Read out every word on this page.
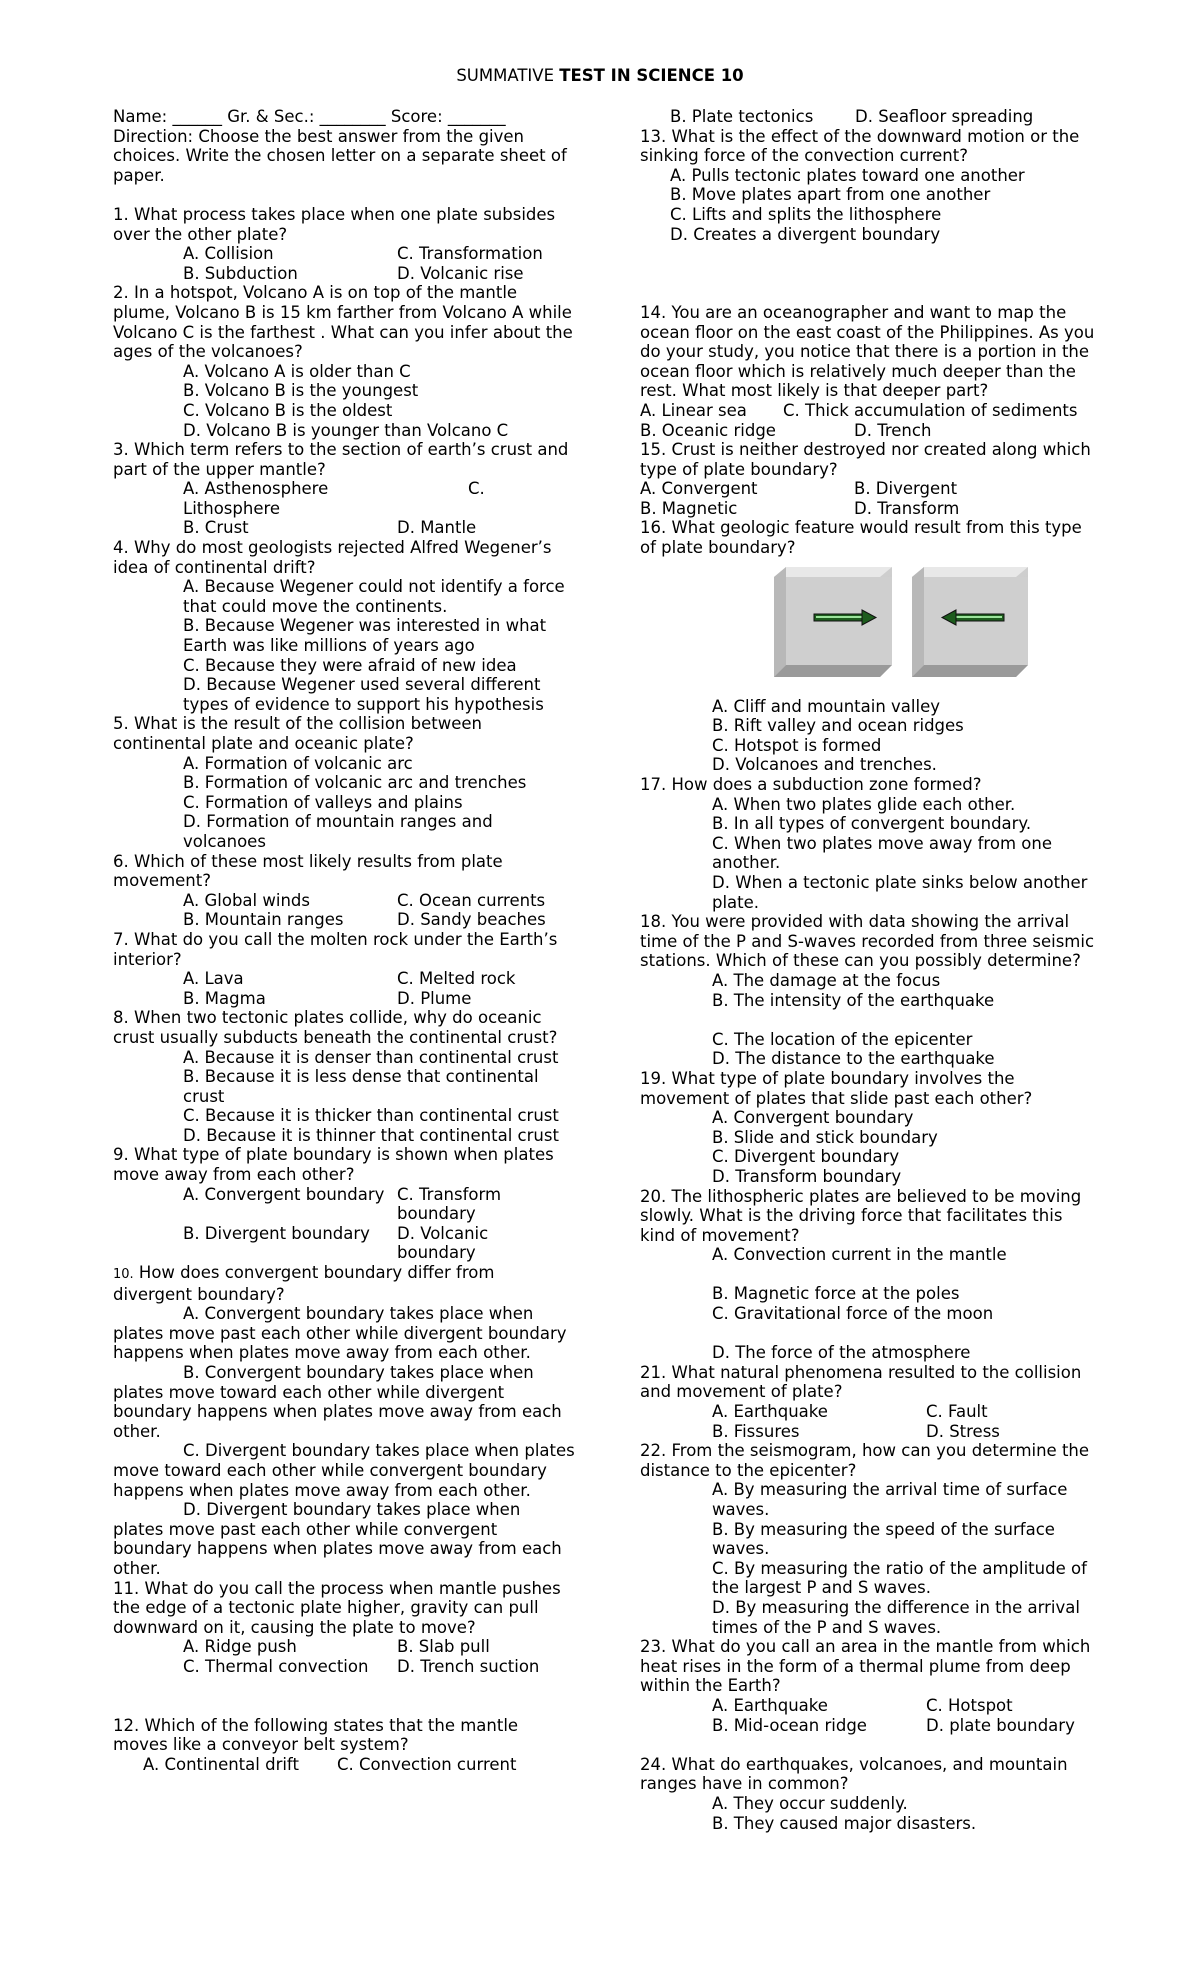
SUMMATIVE TEST IN SCIENCE 10
Name: ______ Gr. & Sec.: ________ Score: _______
Direction: Choose the best answer from the given choices. Write the chosen letter on a separate sheet of paper.
1. What process takes place when one plate subsides over the other plate?
A. Collision	C. Transformation
B. Subduction	D. Volcanic rise
2. In a hotspot, Volcano A is on top of the mantle plume, Volcano B is 15 km farther from Volcano A while Volcano C is the farthest . What can you infer about the ages of the volcanoes?
A. Volcano A is older than C
B. Volcano B is the youngest
C. Volcano B is the oldest
D. Volcano B is younger than Volcano C
3. Which term refers to the section of earth’s crust and part of the upper mantle?
A. Asthenosphere	C.
Lithosphere
B. Crust	D. Mantle
4. Why do most geologists rejected Alfred Wegener’s idea of continental drift?
A. Because Wegener could not identify a force that could move the continents.
B. Because Wegener was interested in what Earth was like millions of years ago
C. Because they were afraid of new idea
D. Because Wegener used several different types of evidence to support his hypothesis
5. What is the result of the collision between continental plate and oceanic plate?
A. Formation of volcanic arc
B. Formation of volcanic arc and trenches
C. Formation of valleys and plains
D. Formation of mountain ranges and volcanoes
6. Which of these most likely results from plate movement?
A. Global winds	C. Ocean currents
B. Mountain ranges	D. Sandy beaches
7. What do you call the molten rock under the Earth’s interior?
A. Lava	C. Melted rock
B. Magma	D. Plume
8. When two tectonic plates collide, why do oceanic crust usually subducts beneath the continental crust?
A. Because it is denser than continental crust
B. Because it is less dense that continental crust
C. Because it is thicker than continental crust
D. Because it is thinner that continental crust
9. What type of plate boundary is shown when plates move away from each other?
A. Convergent boundary C. Transform boundary
B. Divergent boundary	D. Volcanic boundary
10. How does convergent boundary differ from divergent boundary?
A. Convergent boundary takes place when plates move past each other while divergent boundary happens when plates move away from each other.
B. Convergent boundary takes place when plates move toward each other while divergent boundary happens when plates move away from each other.
C. Divergent boundary takes place when plates move toward each other while convergent boundary happens when plates move away from each other.
D. Divergent boundary takes place when plates move past each other while convergent boundary happens when plates move away from each other.
11. What do you call the process when mantle pushes the edge of a tectonic plate higher, gravity can pull downward on it, causing the plate to move?
A. Ridge push	B. Slab pull
C. Thermal convection	D. Trench suction
12. Which of the following states that the mantle moves like a conveyor belt system?
A. Continental drift	C. Convection current
B. Plate tectonics	D. Seafloor spreading
13. What is the effect of the downward motion or the sinking force of the convection current?
A. Pulls tectonic plates toward one another
B. Move plates apart from one another
C. Lifts and splits the lithosphere
D. Creates a divergent boundary
14. You are an oceanographer and want to map the ocean floor on the east coast of the Philippines. As you do your study, you notice that there is a portion in the ocean floor which is relatively much deeper than the rest. What most likely is that deeper part?
A. Linear sea	C. Thick accumulation of sediments
B. Oceanic ridge	D. Trench
15. Crust is neither destroyed nor created along which type of plate boundary?
A. Convergent	B. Divergent
B. Magnetic	D. Transform
16. What geologic feature would result from this type of plate boundary?
A. Cliff and mountain valley
B. Rift valley and ocean ridges
C. Hotspot is formed
D. Volcanoes and trenches.
17. How does a subduction zone formed?
A. When two plates glide each other.
B. In all types of convergent boundary.
C. When two plates move away from one another.
D. When a tectonic plate sinks below another plate.
18. You were provided with data showing the arrival time of the P and S-waves recorded from three seismic stations. Which of these can you possibly determine?
A. The damage at the focus
B. The intensity of the earthquake
C. The location of the epicenter
D. The distance to the earthquake
19. What type of plate boundary involves the movement of plates that slide past each other?
A. Convergent boundary
B. Slide and stick boundary
C. Divergent boundary
D. Transform boundary
20. The lithospheric plates are believed to be moving slowly. What is the driving force that facilitates this kind of movement?
A. Convection current in the mantle
B. Magnetic force at the poles
C. Gravitational force of the moon
D. The force of the atmosphere
21. What natural phenomena resulted to the collision and movement of plate?
A. Earthquake	C. Fault
B. Fissures	D. Stress
22. From the seismogram, how can you determine the distance to the epicenter?
A. By measuring the arrival time of surface waves.
B. By measuring the speed of the surface waves.
C. By measuring the ratio of the amplitude of the largest P and S waves.
D. By measuring the difference in the arrival times of the P and S waves.
23. What do you call an area in the mantle from which heat rises in the form of a thermal plume from deep within the Earth?
A. Earthquake	C. Hotspot
B. Mid-ocean ridge	D. plate boundary
24. What do earthquakes, volcanoes, and mountain ranges have in common?
A. They occur suddenly.
B. They caused major disasters.
